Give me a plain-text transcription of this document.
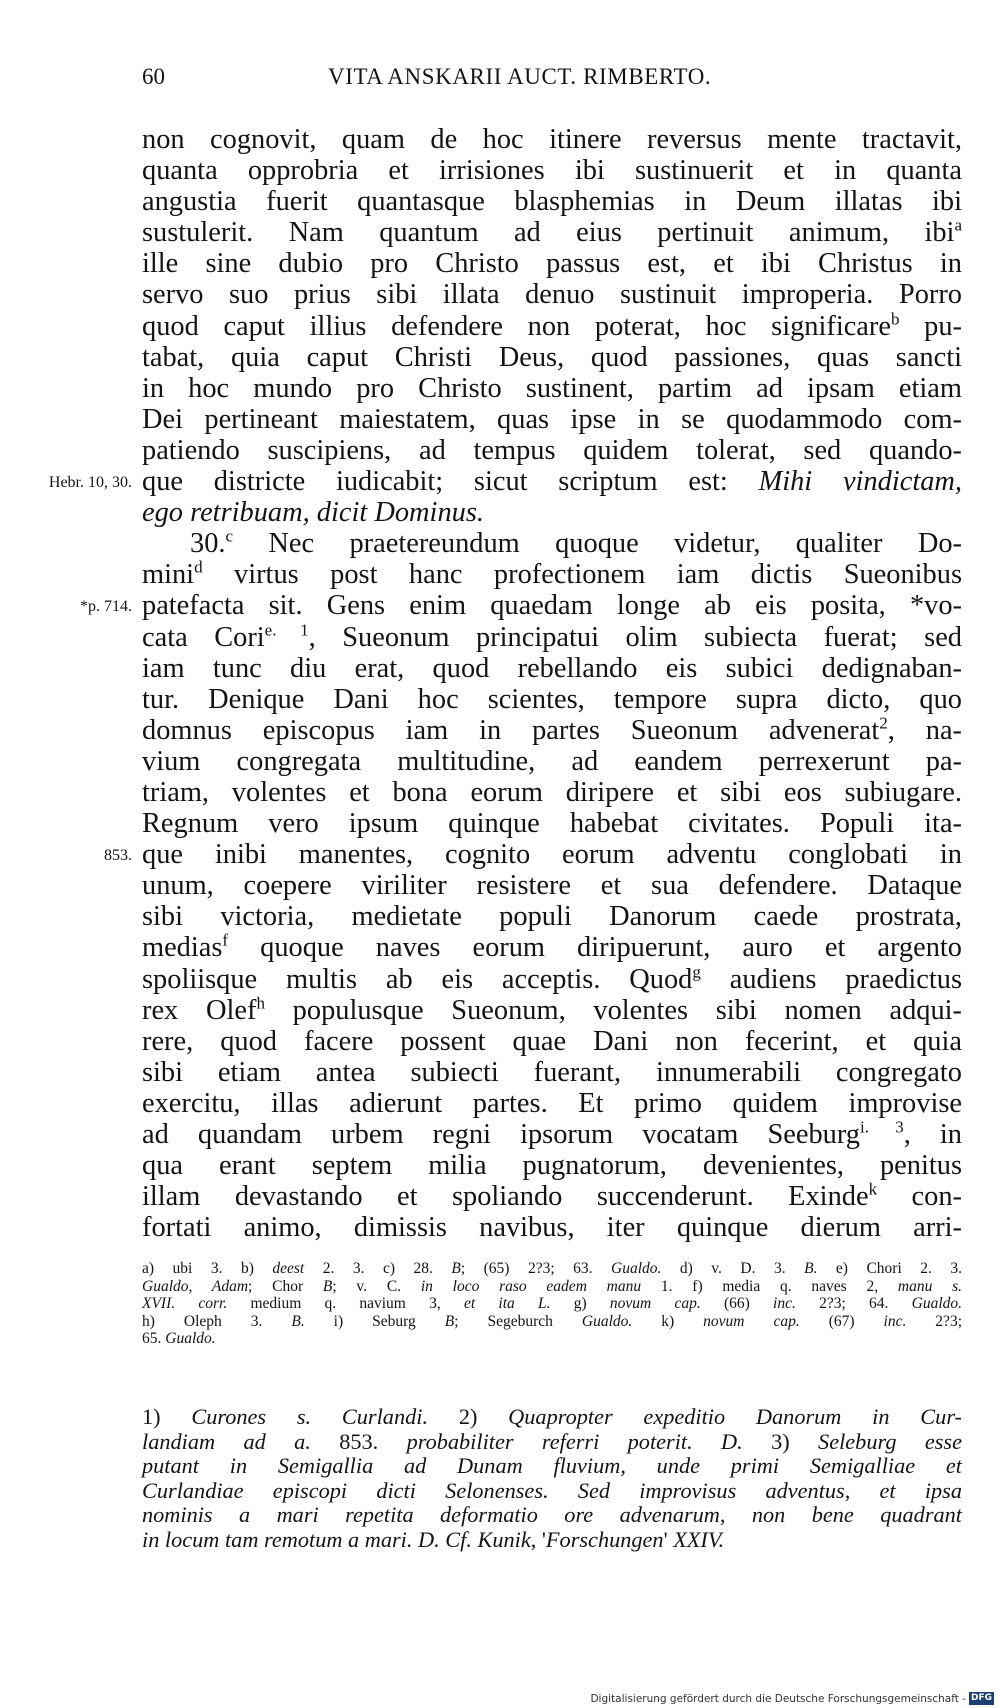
60	VITA ANSKARII AUCT. RIMBERTO.
non cognovit, quam de hoc itinere reversus mente tractavit,
quanta opprobria et irrisiones ibi sustinuerit et in quanta
angustia fuerit quantasque blasphemias in Deum illatas ibi
sustulerit. Nam quantum ad eius pertinuit animum, ibi$^a$
ille sine dubio pro Christo passus est, et ibi Christus in
servo suo prius sibi illata denuo sustinuit improperia. Porro
quod caput illius defendere non poterat, hoc significare$^b$ pu-
tabat, quia caput Christi Deus, quod passiones, quas sancti
in hoc mundo pro Christo sustinent, partim ad ipsam etiam
Dei pertineant maiestatem, quas ipse in se quodammodo com-
patiendo suscipiens, ad tempus quidem tolerat, sed quando-
que districte iudicabit; sicut scriptum est: Mihi vindictam,
Hebr. 10, 30.
ego retribuam, dicit Dominus.
30.$^c$ Nec praetereundum quoque videtur, qualiter Do-
mini$^d$ virtus post hanc profectionem iam dictis Sueonibus
patefacta sit. Gens enim quaedam longe ab eis posita, *vo-
*p. 714.
cata Cori$^{e. 1}$, Sueonum principatui olim subiecta fuerat; sed
iam tunc diu erat, quod rebellando eis subici dedignaban-
tur. Denique Dani hoc scientes, tempore supra dicto, quo
domnus episcopus iam in partes Sueonum advenerat$^2$, na-
vium congregata multitudine, ad eandem perrexerunt pa-
triam, volentes et bona eorum diripere et sibi eos subiugare.
Regnum vero ipsum quinque habebat civitates. Populi ita-
que inibi manentes, cognito eorum adventu conglobati in
853.
unum, coepere viriliter resistere et sua defendere. Dataque
sibi victoria, medietate populi Danorum caede prostrata,
medias$^f$ quoque naves eorum diripuerunt, auro et argento
spoliisque multis ab eis acceptis. Quod$^g$ audiens praedictus
rex Olef$^h$ populusque Sueonum, volentes sibi nomen adqui-
rere, quod facere possent quae Dani non fecerint, et quia
sibi etiam antea subiecti fuerant, innumerabili congregato
exercitu, illas adierunt partes. Et primo quidem improvise
ad quandam urbem regni ipsorum vocatam Seeburg$^{i. 3}$, in
qua erant septem milia pugnatorum, devenientes, penitus
illam devastando et spoliando succenderunt. Exinde$^k$ con-
fortati animo, dimissis navibus, iter quinque dierum arri-
a) ubi 3. b) deest 2. 3. c) 28. B; (65) 2?3; 63. Gualdo. d) v. D. 3. B. e) Chori 2. 3.
Gualdo, Adam; Chor B; v. C. in loco raso eadem manu 1. f) media q. naves 2, manu s.
XVII. corr. medium q. navium 3, et ita L. g) novum cap. (66) inc. 2?3; 64. Gualdo.
h) Oleph 3. B. i) Seburg B; Segeburch Gualdo. k) novum cap. (67) inc. 2?3;
65. Gualdo.
1) Curones s. Curlandi. 2) Quapropter expeditio Danorum in Cur-
landiam ad a. 853. probabiliter referri poterit. D. 3) Seleburg esse
putant in Semigallia ad Dunam fluvium, unde primi Semigalliae et
Curlandiae episcopi dicti Selonenses. Sed improvisus adventus, et ipsa
nominis a mari repetita deformatio ore advenarum, non bene quadrant
in locum tam remotum a mari. D. Cf. Kunik, 'Forschungen' XXIV.
Digitalisierung gefördert durch die Deutsche Forschungsgemeinschaft - DFG
